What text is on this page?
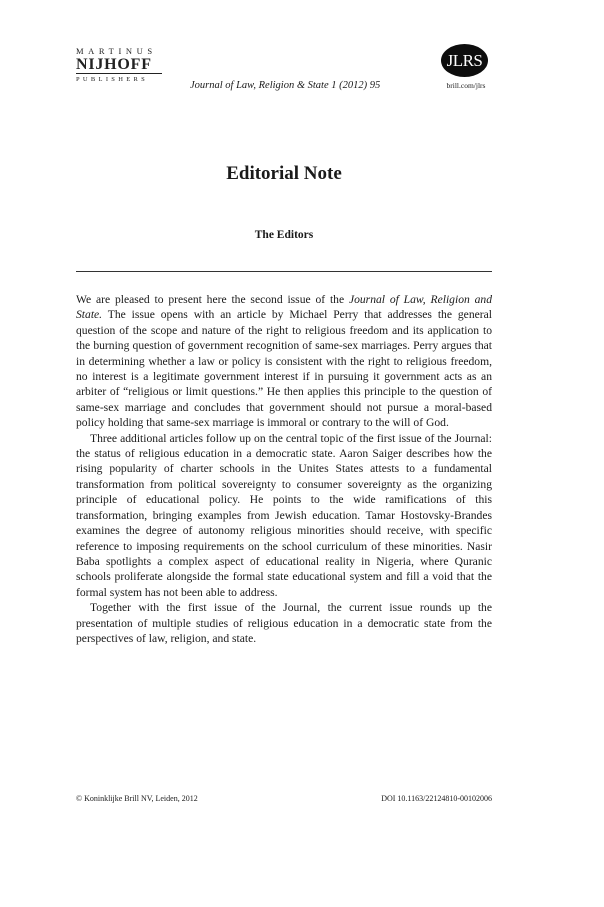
MARTINUS
NIJHOFF
PUBLISHERS
Journal of Law, Religion & State 1 (2012) 95
JLRS
brill.com/jlrs
Editorial Note
The Editors

We are pleased to present here the second issue of the Journal of Law, Religion and State. The issue opens with an article by Michael Perry that addresses the general question of the scope and nature of the right to religious freedom and its application to the burning question of government recognition of same-sex marriages. Perry argues that in determining whether a law or policy is consistent with the right to religious freedom, no interest is a legitimate government interest if in pursuing it government acts as an arbiter of “religious or limit questions.” He then applies this principle to the question of same-sex marriage and concludes that government should not pursue a moral-based policy holding that same-sex marriage is immoral or contrary to the will of God.

Three additional articles follow up on the central topic of the first issue of the Journal: the status of religious education in a democratic state. Aaron Saiger describes how the rising popularity of charter schools in the Unites States attests to a fundamental transformation from political sovereignty to consumer sovereignty as the organizing principle of educational policy. He points to the wide ramifications of this transformation, bringing examples from Jewish education. Tamar Hostovsky-Brandes examines the degree of autonomy religious minorities should receive, with specific reference to imposing requirements on the school curriculum of these minorities. Nasir Baba spotlights a complex aspect of educational reality in Nigeria, where Quranic schools proliferate alongside the formal state educational system and fill a void that the formal system has not been able to address.

Together with the first issue of the Journal, the current issue rounds up the presentation of multiple studies of religious education in a democratic state from the perspectives of law, religion, and state.

© Koninklijke Brill NV, Leiden, 2012	DOI 10.1163/22124810-00102006
